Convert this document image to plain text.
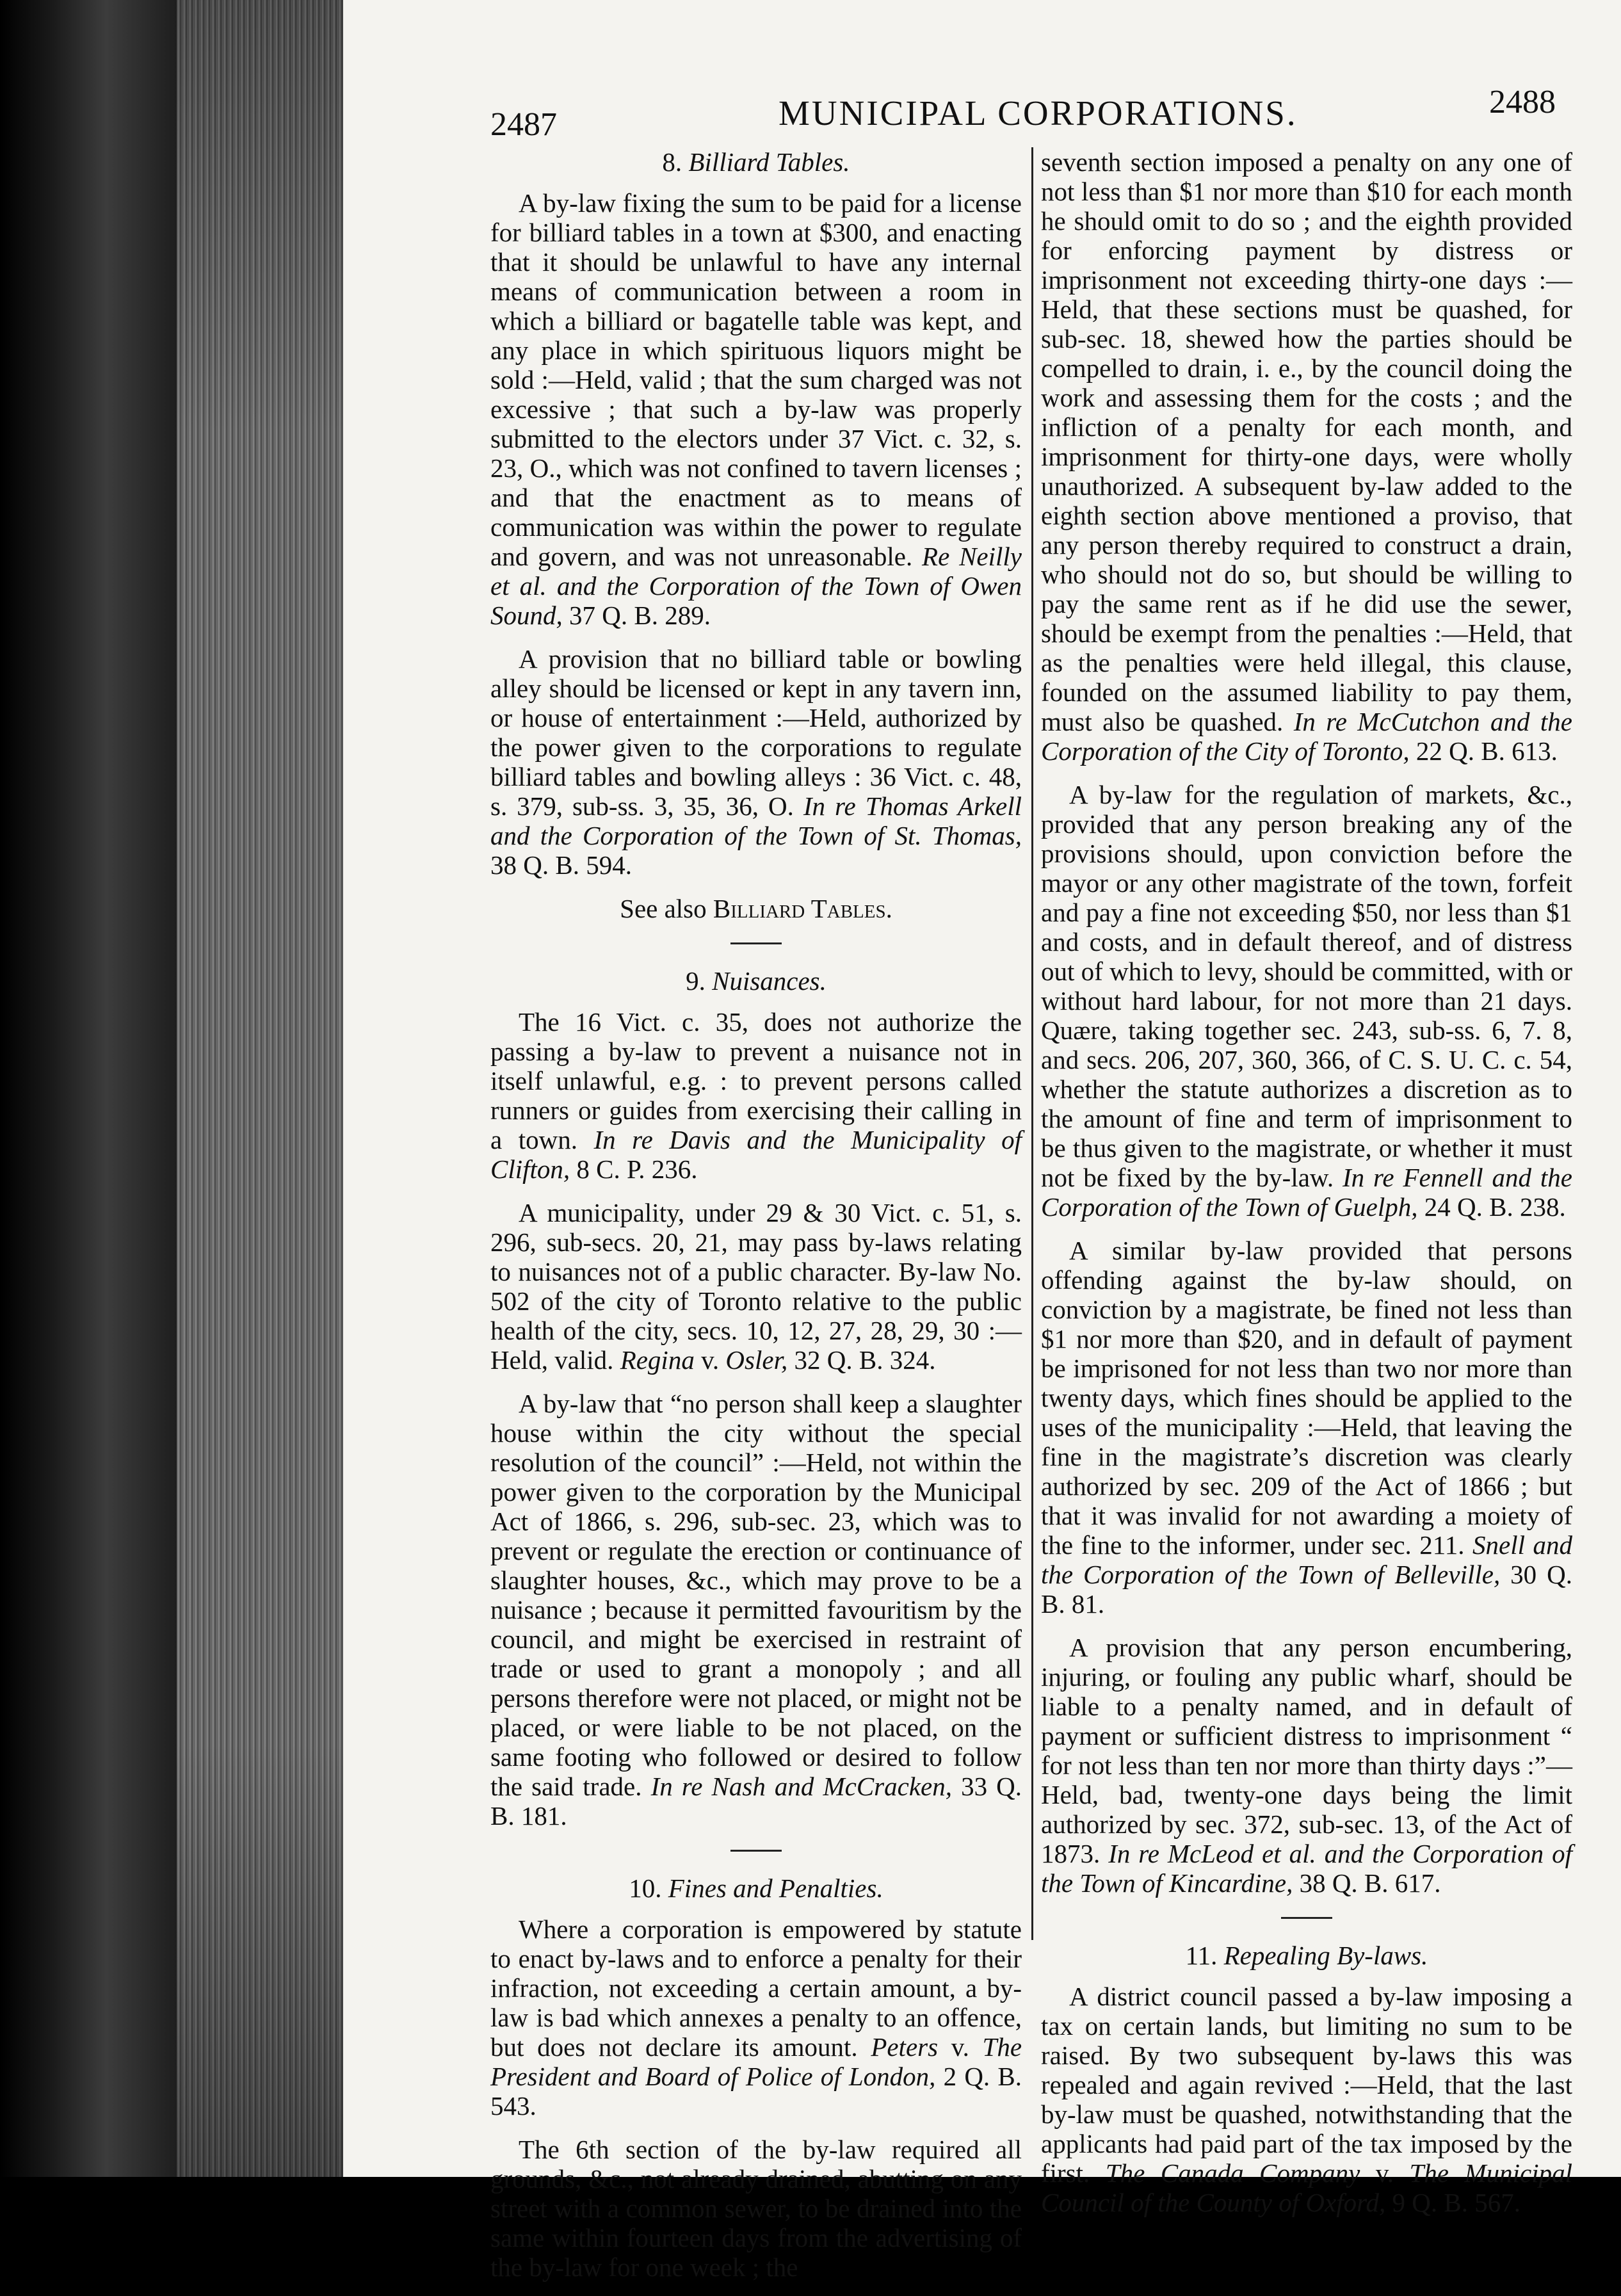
2487	MUNICIPAL CORPORATIONS.	2488
8. Billiard Tables.

A by-law fixing the sum to be paid for a license for billiard tables in a town at $300, and enacting that it should be unlawful to have any internal means of communication between a room in which a billiard or bagatelle table was kept, and any place in which spirituous liquors might be sold :—Held, valid ; that the sum charged was not excessive ; that such a by-law was properly submitted to the electors under 37 Vict. c. 32, s. 23, O., which was not confined to tavern licenses ; and that the enactment as to means of communication was within the power to regulate and govern, and was not unreasonable. Re Neilly et al. and the Corporation of the Town of Owen Sound, 37 Q. B. 289.

A provision that no billiard table or bowling alley should be licensed or kept in any tavern inn, or house of entertainment :—Held, authorized by the power given to the corporations to regulate billiard tables and bowling alleys : 36 Vict. c. 48, s. 379, sub-ss. 3, 35, 36, O. In re Thomas Arkell and the Corporation of the Town of St. Thomas, 38 Q. B. 594.

See also Billiard Tables.
9. Nuisances.

The 16 Vict. c. 35, does not authorize the passing a by-law to prevent a nuisance not in itself unlawful, e.g. : to prevent persons called runners or guides from exercising their calling in a town. In re Davis and the Municipality of Clifton, 8 C. P. 236.

A municipality, under 29 & 30 Vict. c. 51, s. 296, sub-secs. 20, 21, may pass by-laws relating to nuisances not of a public character. By-law No. 502 of the city of Toronto relative to the public health of the city, secs. 10, 12, 27, 28, 29, 30 :—Held, valid. Regina v. Osler, 32 Q. B. 324.

A by-law that “no person shall keep a slaughter house within the city without the special resolution of the council” :—Held, not within the power given to the corporation by the Municipal Act of 1866, s. 296, sub-sec. 23, which was to prevent or regulate the erection or continuance of slaughter houses, &c., which may prove to be a nuisance ; because it permitted favouritism by the council, and might be exercised in restraint of trade or used to grant a monopoly ; and all persons therefore were not placed, or might not be placed, or were liable to be not placed, on the same footing who followed or desired to follow the said trade. In re Nash and McCracken, 33 Q. B. 181.

10. Fines and Penalties.

Where a corporation is empowered by statute to enact by-laws and to enforce a penalty for their infraction, not exceeding a certain amount, a by-law is bad which annexes a penalty to an offence, but does not declare its amount. Peters v. The President and Board of Police of London, 2 Q. B. 543.

The 6th section of the by-law required all grounds, &c., not already drained, abutting on any street with a common sewer, to be drained into the same within fourteen days from the advertising of the by-law for one week ; the

seventh section imposed a penalty on any one of not less than $1 nor more than $10 for each month he should omit to do so ; and the eighth provided for enforcing payment by distress or imprisonment not exceeding thirty-one days :—Held, that these sections must be quashed, for sub-sec. 18, shewed how the parties should be compelled to drain, i. e., by the council doing the work and assessing them for the costs ; and the infliction of a penalty for each month, and imprisonment for thirty-one days, were wholly unauthorized. A subsequent by-law added to the eighth section above mentioned a proviso, that any person thereby required to construct a drain, who should not do so, but should be willing to pay the same rent as if he did use the sewer, should be exempt from the penalties :—Held, that as the penalties were held illegal, this clause, founded on the assumed liability to pay them, must also be quashed. In re McCutchon and the Corporation of the City of Toronto, 22 Q. B. 613.

A by-law for the regulation of markets, &c., provided that any person breaking any of the provisions should, upon conviction before the mayor or any other magistrate of the town, forfeit and pay a fine not exceeding $50, nor less than $1 and costs, and in default thereof, and of distress out of which to levy, should be committed, with or without hard labour, for not more than 21 days. Quære, taking together sec. 243, sub-ss. 6, 7. 8, and secs. 206, 207, 360, 366, of C. S. U. C. c. 54, whether the statute authorizes a discretion as to the amount of fine and term of imprisonment to be thus given to the magistrate, or whether it must not be fixed by the by-law. In re Fennell and the Corporation of the Town of Guelph, 24 Q. B. 238.

A similar by-law provided that persons offending against the by-law should, on conviction by a magistrate, be fined not less than $1 nor more than $20, and in default of payment be imprisoned for not less than two nor more than twenty days, which fines should be applied to the uses of the municipality :—Held, that leaving the fine in the magistrate’s discretion was clearly authorized by sec. 209 of the Act of 1866 ; but that it was invalid for not awarding a moiety of the fine to the informer, under sec. 211. Snell and the Corporation of the Town of Belleville, 30 Q. B. 81.

A provision that any person encumbering, injuring, or fouling any public wharf, should be liable to a penalty named, and in default of payment or sufficient distress to imprisonment “ for not less than ten nor more than thirty days :”—Held, bad, twenty-one days being the limit authorized by sec. 372, sub-sec. 13, of the Act of 1873. In re McLeod et al. and the Corporation of the Town of Kincardine, 38 Q. B. 617.

11. Repealing By-laws.

A district council passed a by-law imposing a tax on certain lands, but limiting no sum to be raised. By two subsequent by-laws this was repealed and again revived :—Held, that the last by-law must be quashed, notwithstanding that the applicants had paid part of the tax imposed by the first. The Canada Company v. The Municipal Council of the County of Oxford, 9 Q. B. 567.
